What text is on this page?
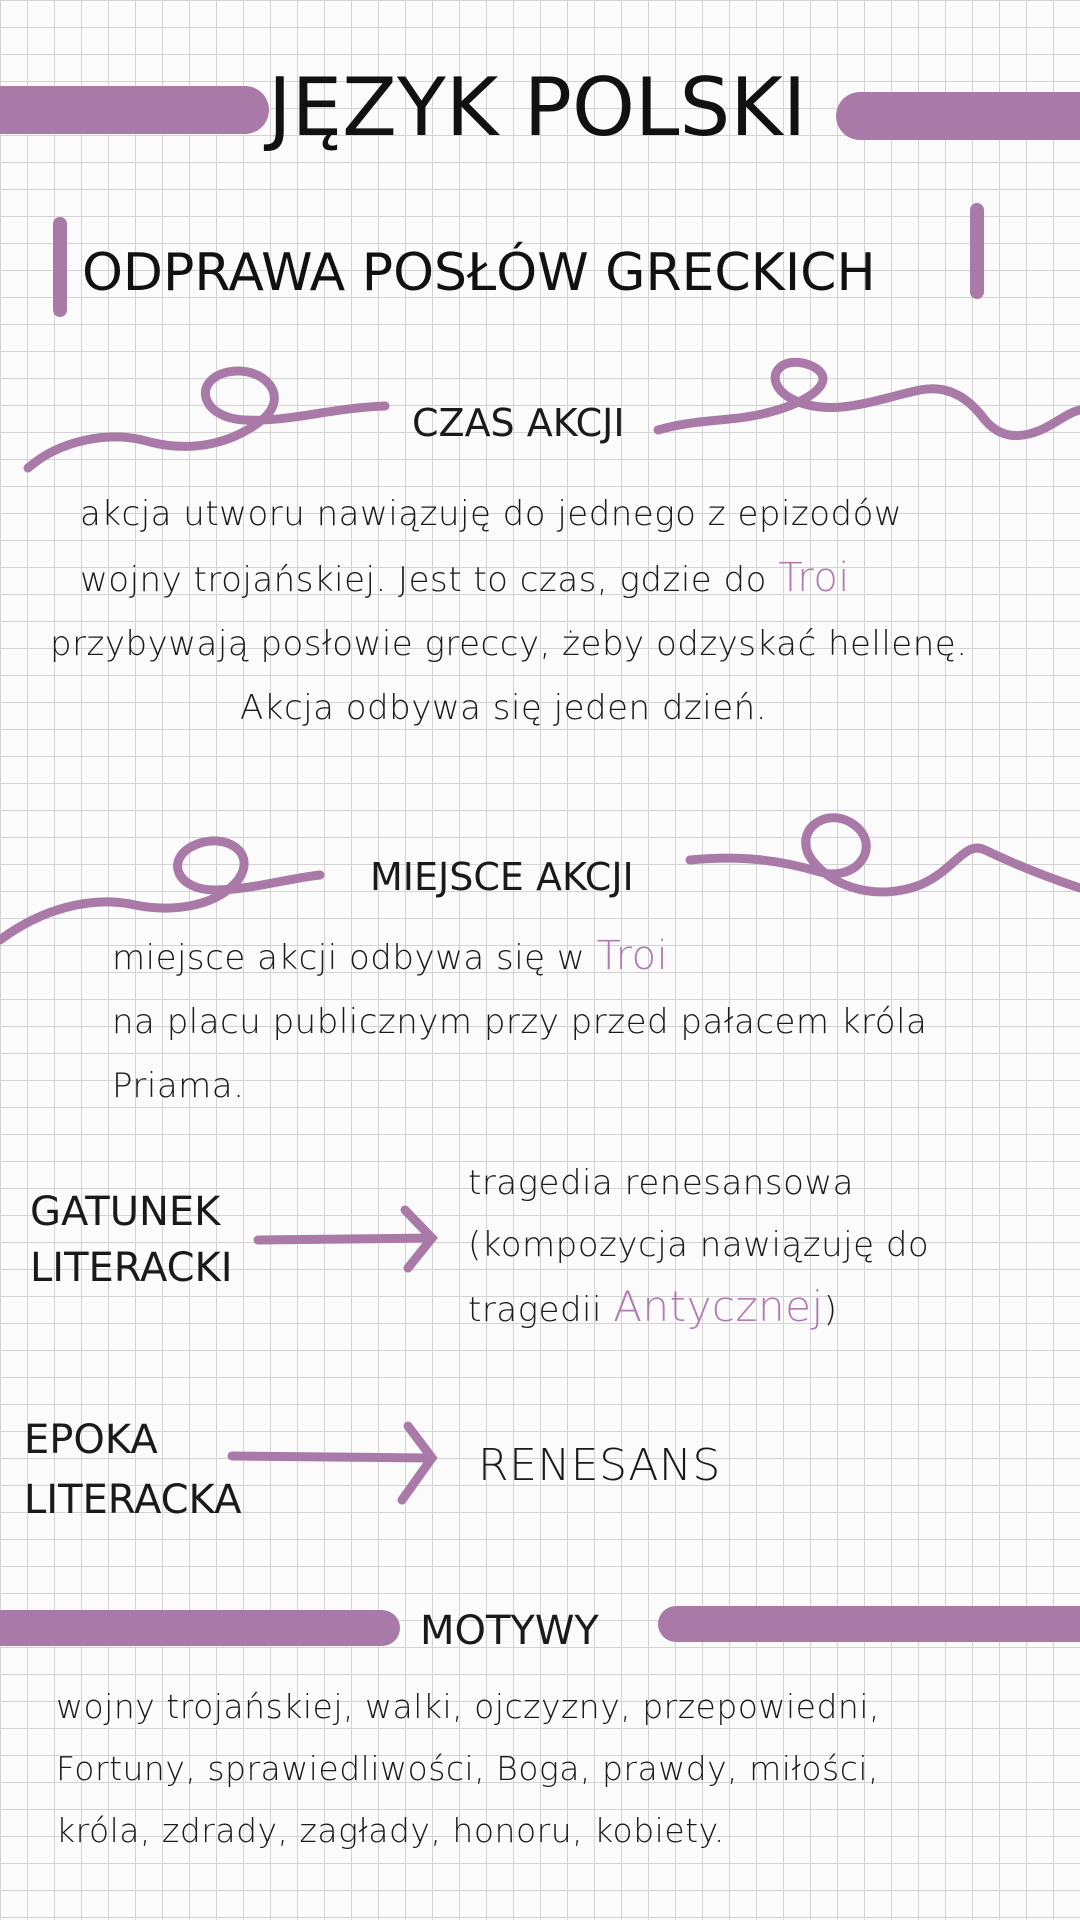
JĘZYK POLSKI
ODPRAWA POSŁÓW GRECKICH
CZAS AKCJI
akcja utworu nawiązuję do jednego z epizodów
wojny trojańskiej. Jest to czas, gdzie do Troi
przybywają posłowie greccy, żeby odzyskać hellenę.
Akcja odbywa się jeden dzień.
MIEJSCE AKCJI
miejsce akcji odbywa się w Troi
na placu publicznym przy przed pałacem króla
Priama.
GATUNEK
LITERACKI
tragedia renesansowa
(kompozycja nawiązuję do
tragedii Antycznej)
EPOKA
LITERACKA
RENESANS
MOTYWY
wojny trojańskiej, walki, ojczyzny, przepowiedni,
Fortuny, sprawiedliwości, Boga, prawdy, miłości,
króla, zdrady, zagłady, honoru, kobiety.
